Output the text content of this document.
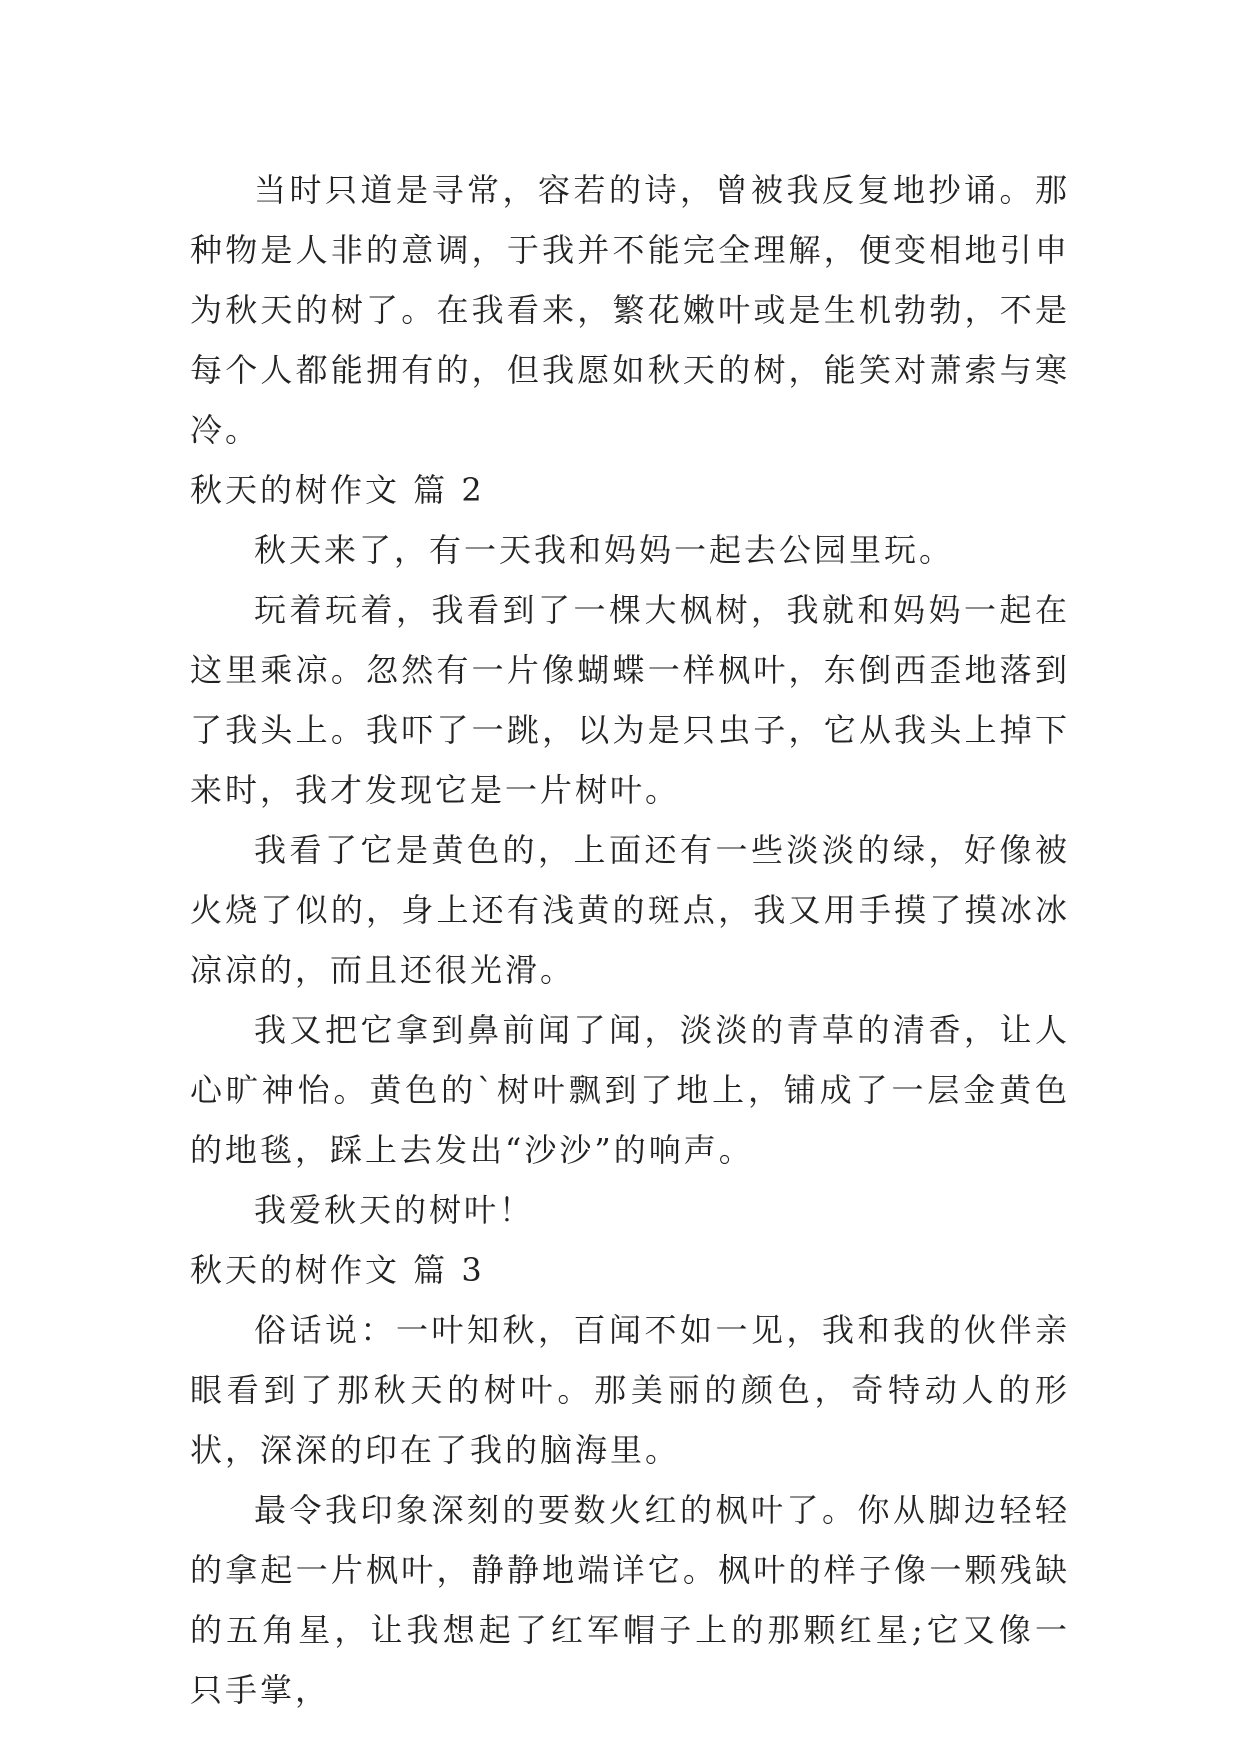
当时只道是寻常，容若的诗，曾被我反复地抄诵。那种物是人非的意调，于我并不能完全理解，便变相地引申为秋天的树了。在我看来，繁花嫩叶或是生机勃勃，不是每个人都能拥有的，但我愿如秋天的树，能笑对萧索与寒冷。

秋天的树作文 篇 2

秋天来了，有一天我和妈妈一起去公园里玩。

玩着玩着，我看到了一棵大枫树，我就和妈妈一起在这里乘凉。忽然有一片像蝴蝶一样枫叶，东倒西歪地落到了我头上。我吓了一跳，以为是只虫子，它从我头上掉下来时，我才发现它是一片树叶。

我看了它是黄色的，上面还有一些淡淡的绿，好像被火烧了似的，身上还有浅黄的斑点，我又用手摸了摸冰冰凉凉的，而且还很光滑。

我又把它拿到鼻前闻了闻，淡淡的青草的清香，让人心旷神怡。黄色的`树叶飘到了地上，铺成了一层金黄色的地毯，踩上去发出“沙沙”的响声。

我爱秋天的树叶！

秋天的树作文 篇 3

俗话说：一叶知秋，百闻不如一见，我和我的伙伴亲眼看到了那秋天的树叶。那美丽的颜色，奇特动人的形状，深深的印在了我的脑海里。

最令我印象深刻的要数火红的枫叶了。你从脚边轻轻的拿起一片枫叶，静静地端详它。枫叶的样子像一颗残缺的五角星，让我想起了红军帽子上的那颗红星;它又像一只手掌，
